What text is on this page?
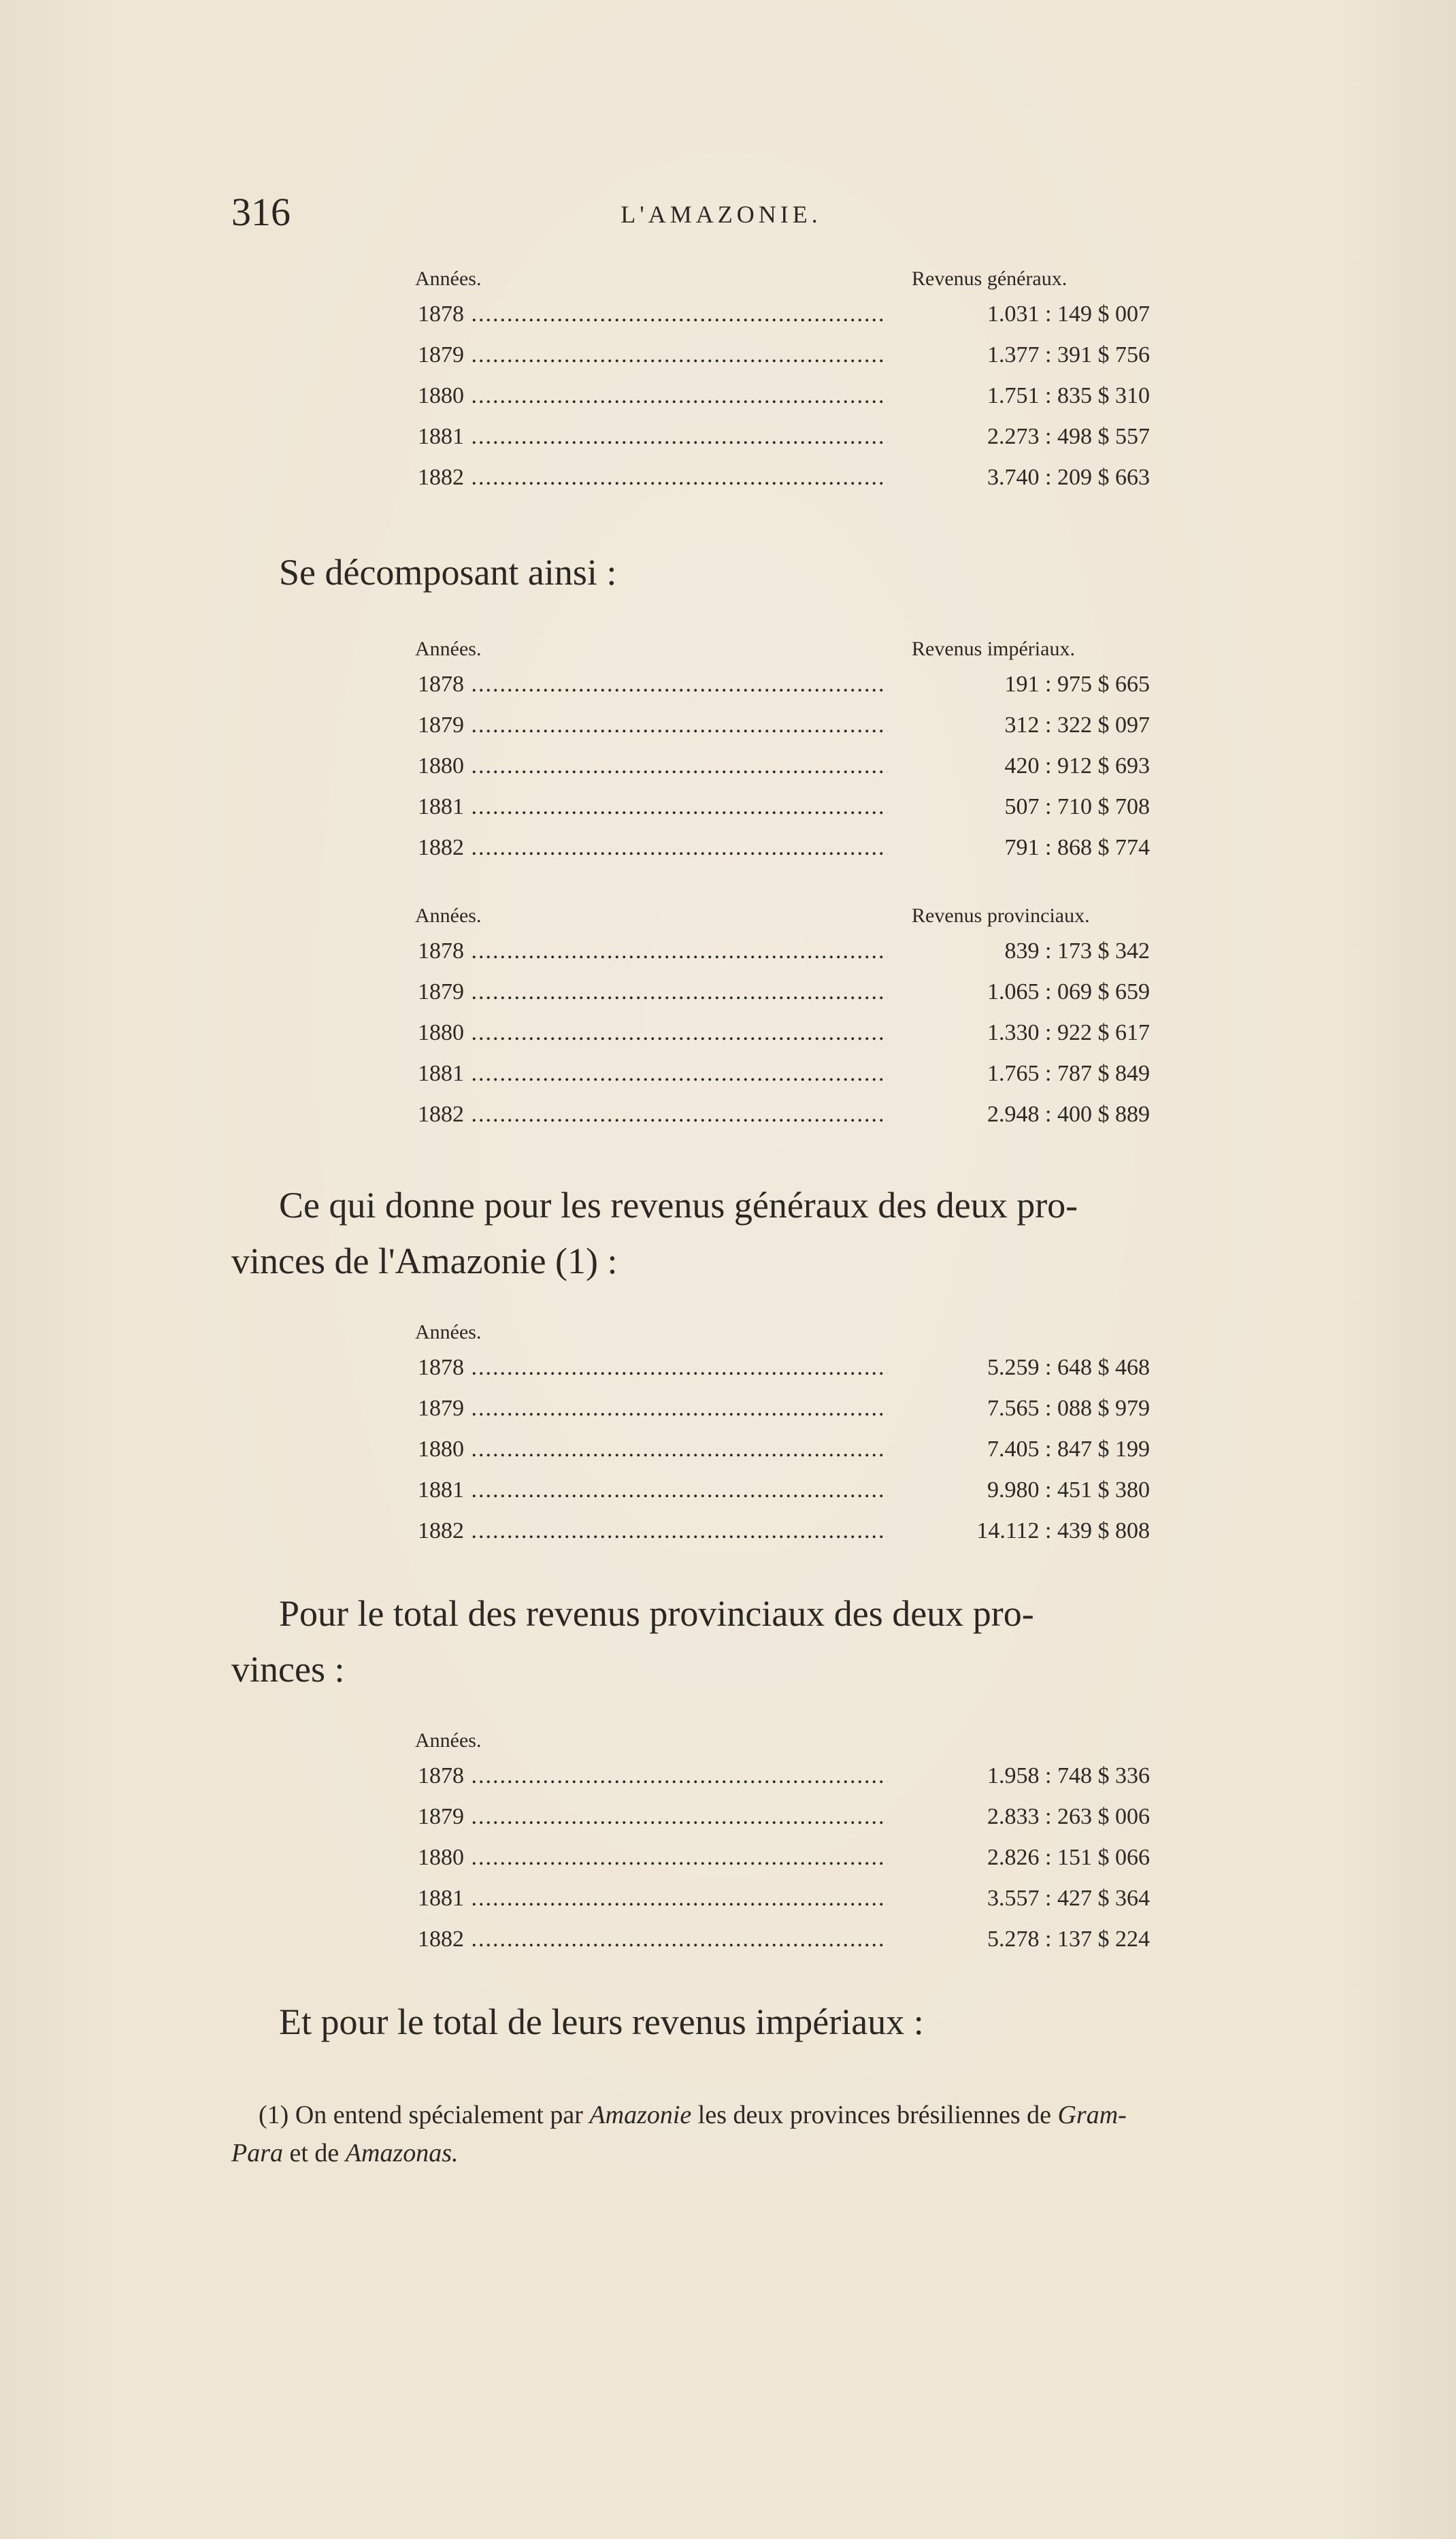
316	L'AMAZONIE.
Années.	Revenus généraux.
1878 .....	1.031 : 149 $ 007
1879 .....	1.377 : 391 $ 756
1880 .....	1.751 : 835 $ 310
1881 .....	2.273 : 498 $ 557
1882 .....	3.740 : 209 $ 663
Se décomposant ainsi :
Années.	Revenus impériaux.
1878 .....	191 : 975 $ 665
1879 .....	312 : 322 $ 097
1880 .....	420 : 912 $ 693
1881 .....	507 : 710 $ 708
1882 .....	791 : 868 $ 774
Années.	Revenus provinciaux.
1878 .....	839 : 173 $ 342
1879 .....	1.065 : 069 $ 659
1880 .....	1.330 : 922 $ 617
1881 .....	1.765 : 787 $ 849
1882 .....	2.948 : 400 $ 889
Ce qui donne pour les revenus généraux des deux pro-
vinces de l'Amazonie (1) :
Années.
1878 .....	5.259 : 648 $ 468
1879 .....	7.565 : 088 $ 979
1880 .....	7.405 : 847 $ 199
1881 .....	9.980 : 451 $ 380
1882 .....	14.112 : 439 $ 808
Pour le total des revenus provinciaux des deux pro-
vinces :
Années.
1878 .....	1.958 : 748 $ 336
1879 .....	2.833 : 263 $ 006
1880 .....	2.826 : 151 $ 066
1881 .....	3.557 : 427 $ 364
1882 .....	5.278 : 137 $ 224
Et pour le total de leurs revenus impériaux :
(1) On entend spécialement par Amazonie les deux provinces brésiliennes de Gram-
Para et de Amazonas.
